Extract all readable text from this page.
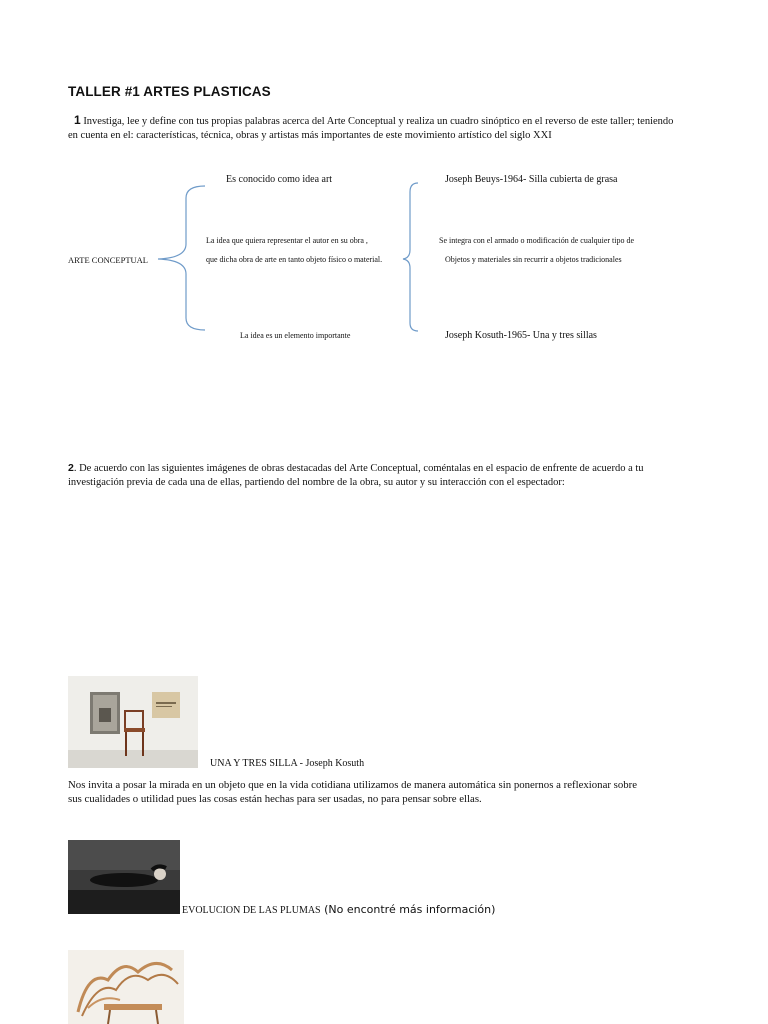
TALLER #1 ARTES PLASTICAS
1 Investiga, lee y define con tus propias palabras acerca del Arte Conceptual y realiza un cuadro sinóptico en el reverso de este taller; teniendo
en cuenta en el: características, técnica, obras y artistas más importantes de este movimiento artístico del siglo XXI
ARTE CONCEPTUAL
Es conocido como idea art
La idea que quiera representar el autor en su obra ,
que dicha obra de arte en tanto objeto físico o material.
La idea es un elemento importante
Joseph Beuys-1964- Silla cubierta de grasa
Se integra con el armado o modificación de cualquier tipo de
Objetos y materiales sin recurrir a objetos tradicionales
Joseph Kosuth-1965- Una y tres sillas
2. De acuerdo con las siguientes imágenes de obras destacadas del Arte Conceptual, coméntalas en el espacio de enfrente de acuerdo a tu
investigación previa de cada una de ellas, partiendo del nombre de la obra, su autor y su interacción con el espectador:
UNA Y TRES SILLA - Joseph Kosuth
Nos invita a posar la mirada en un objeto que en la vida cotidiana utilizamos de manera automática sin ponernos a reflexionar sobre
sus cualidades o utilidad pues las cosas están hechas para ser usadas, no para pensar sobre ellas.
EVOLUCION DE LAS PLUMAS (No encontré más información)
